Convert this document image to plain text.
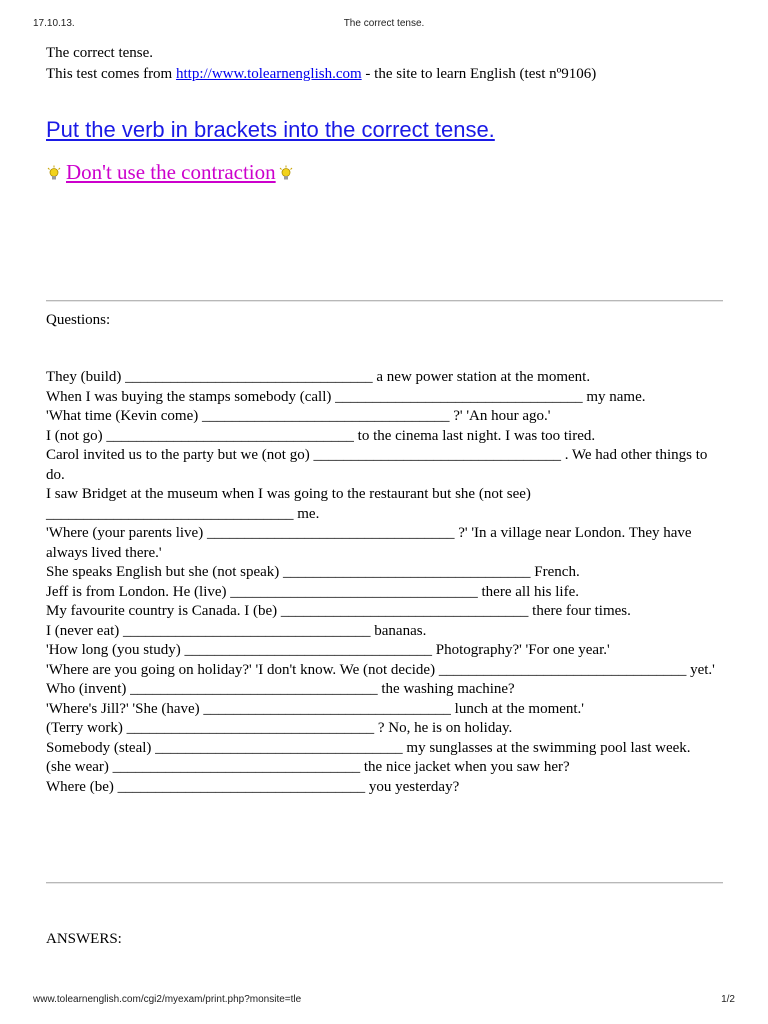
17.10.13.	The correct tense.
The correct tense.
This test comes from http://www.tolearnenglish.com - the site to learn English (test nº9106)
Put the verb in brackets into the correct tense.
Don't use the contraction
Questions:

They (build) _________________________________ a new power station at the moment.

When I was buying the stamps somebody (call) _________________________________ my name.

'What time (Kevin come) _________________________________ ?' 'An hour ago.'

I (not go) _________________________________ to the cinema last night. I was too tired.

Carol invited us to the party but we (not go) _________________________________ . We had other things to do.

I saw Bridget at the museum when I was going to the restaurant but she (not see) _________________________________ me.

'Where (your parents live) _________________________________ ?' 'In a village near London. They have always lived there.'

She speaks English but she (not speak) _________________________________ French.

Jeff is from London. He (live) _________________________________ there all his life.

My favourite country is Canada. I (be) _________________________________ there four times.

I (never eat) _________________________________ bananas.

'How long (you study) _________________________________ Photography?' 'For one year.'

'Where are you going on holiday?' 'I don't know. We (not decide) _________________________________ yet.'

Who (invent) _________________________________ the washing machine?

'Where's Jill?' 'She (have) _________________________________ lunch at the moment.'

(Terry work) _________________________________ ? No, he is on holiday.

Somebody (steal) _________________________________ my sunglasses at the swimming pool last week.

(she wear) _________________________________ the nice jacket when you saw her?

Where (be) _________________________________ you yesterday?

ANSWERS:
www.tolearnenglish.com/cgi2/myexam/print.php?monsite=tle	1/2
